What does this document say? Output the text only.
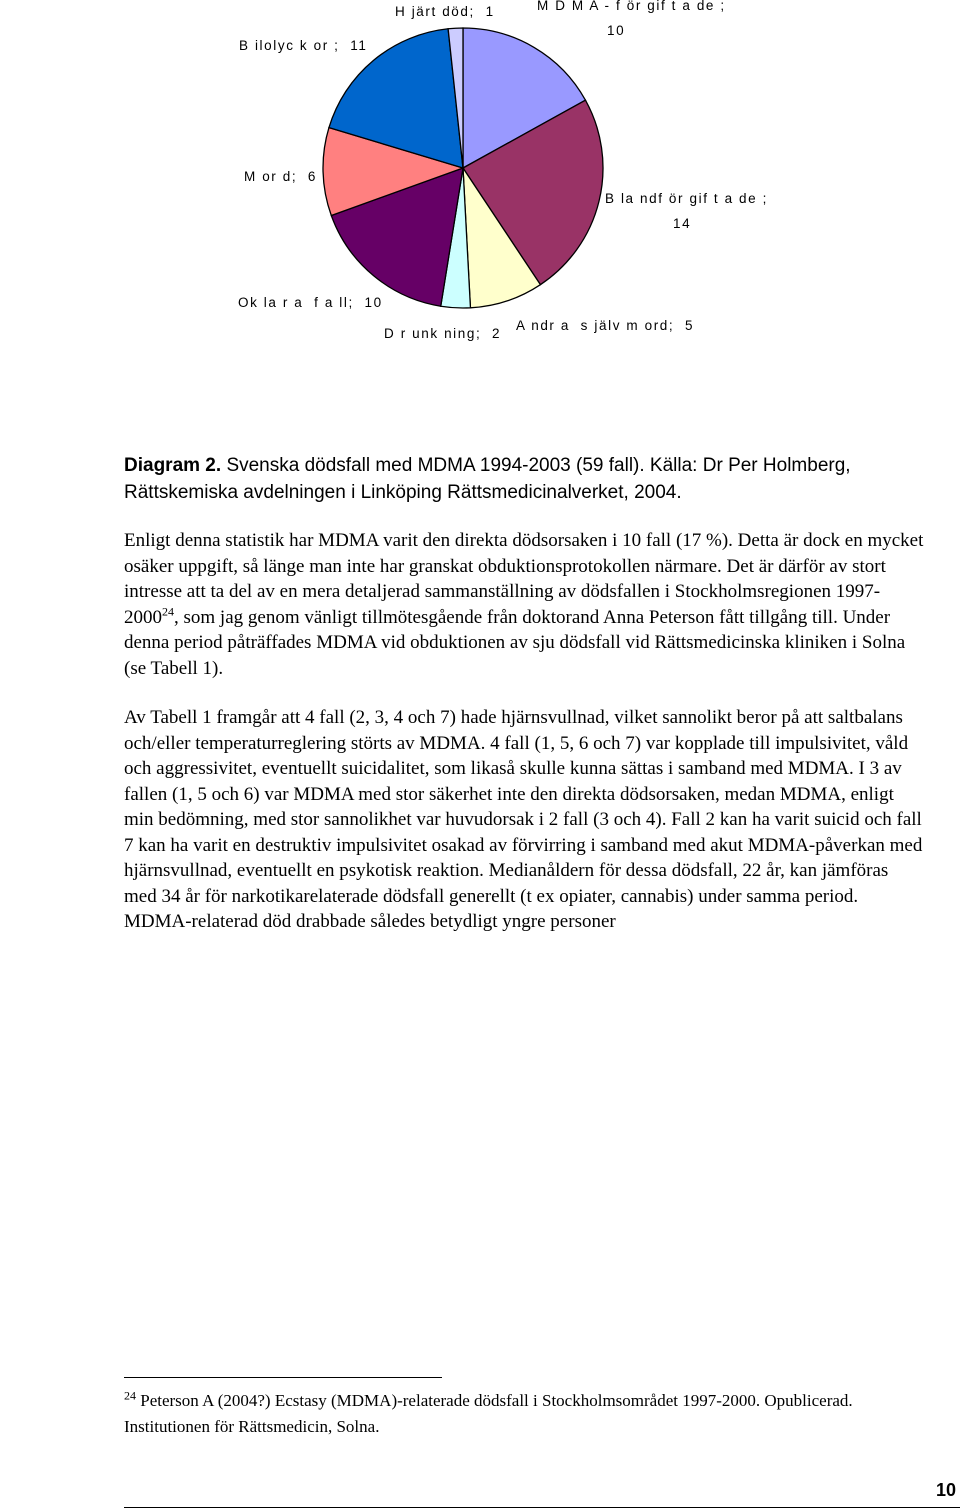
H järt död;  1	M D M A - f ör gif t a de ;
10
B ilolyc k or ;  11
M or d;  6
B la ndf ör gif t a de ;
14
Ok la r a  f a ll;  10
D r unk ning;  2
A ndr a  s jälv m ord;  5
Diagram 2. Svenska dödsfall med MDMA 1994-2003 (59 fall). Källa: Dr Per Holmberg, Rättskemiska avdelningen i Linköping Rättsmedicinalverket, 2004.

Enligt denna statistik har MDMA varit den direkta dödsorsaken i 10 fall (17 %). Detta är dock en mycket osäker uppgift, så länge man inte har granskat obduktionsprotokollen närmare. Det är därför av stort intresse att ta del av en mera detaljerad sammanställning av dödsfallen i Stockholmsregionen 1997-2000$^{24}$, som jag genom vänligt tillmötesgående från doktorand Anna Peterson fått tillgång till. Under denna period påträffades MDMA vid obduktionen av sju dödsfall vid Rättsmedicinska kliniken i Solna (se Tabell 1).

Av Tabell 1 framgår att 4 fall (2, 3, 4 och 7) hade hjärnsvullnad, vilket sannolikt beror på att saltbalans och/eller temperaturreglering störts av MDMA. 4 fall (1, 5, 6 och 7) var kopplade till impulsivitet, våld och aggressivitet, eventuellt suicidalitet, som likaså skulle kunna sättas i samband med MDMA. I 3 av fallen (1, 5 och 6) var MDMA med stor säkerhet inte den direkta dödsorsaken, medan MDMA, enligt min bedömning, med stor sannolikhet var huvudorsak i 2 fall (3 och 4). Fall 2 kan ha varit suicid och fall 7 kan ha varit en destruktiv impulsivitet osakad av förvirring i samband med akut MDMA-påverkan med hjärnsvullnad, eventuellt en psykotisk reaktion. Medianåldern för dessa dödsfall, 22 år, kan jämföras med 34 år för narkotikarelaterade dödsfall generellt (t ex opiater, cannabis) under samma period. MDMA-relaterad död drabbade således betydligt yngre personer

$^{24}$ Peterson A (2004?) Ecstasy (MDMA)-relaterade dödsfall i Stockholmsområdet 1997-2000. Opublicerad. Institutionen för Rättsmedicin, Solna.
10
